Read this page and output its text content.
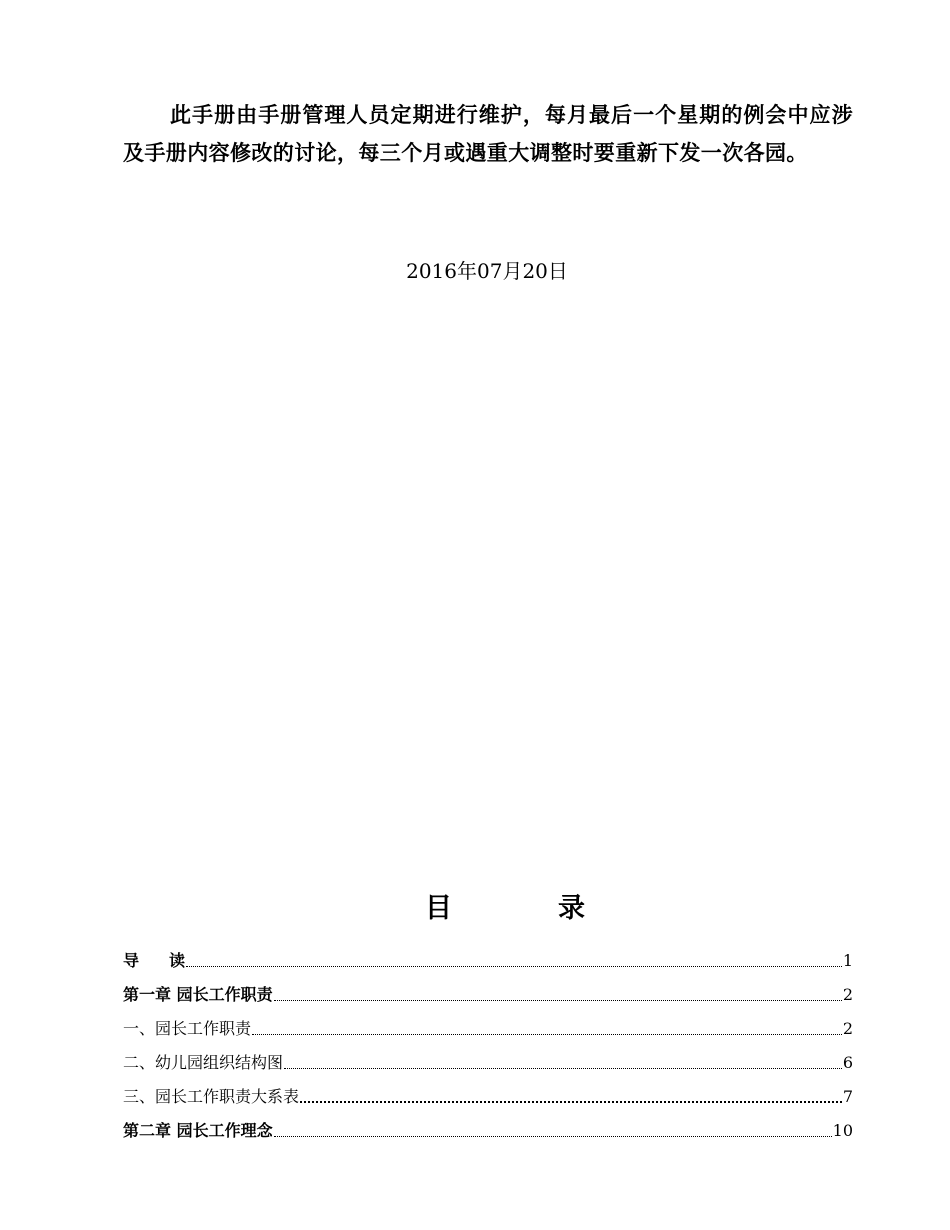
此手册由手册管理人员定期进行维护，每月最后一个星期的例会中应涉及手册内容修改的讨论，每三个月或遇重大调整时要重新下发一次各园。

2016年07月20日
目	录
导 读	1
第一章 园长工作职责	2
一、园长工作职责	2
二、幼儿园组织结构图	6
三、园长工作职责大系表	7
第二章 园长工作理念	10
